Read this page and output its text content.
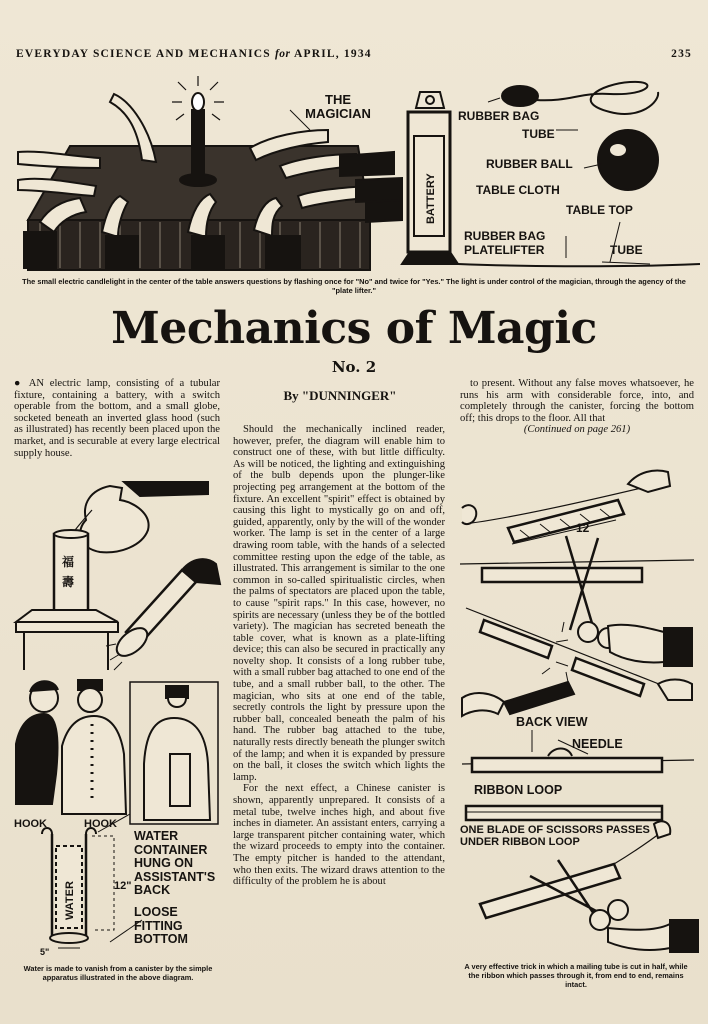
EVERYDAY SCIENCE AND MECHANICS for APRIL, 1934	235
THE
MAGICIAN	RUBBER BAG
TUBE
RUBBER BALL
TABLE CLOTH
TABLE TOP
RUBBER BAG
PLATELIFTER	TUBE
BATTERY
The small electric candlelight in the center of the table answers questions by flashing once for "No" and twice for "Yes." The light is under control of the magician, through the agency of the "plate lifter."
Mechanics of Magic
No. 2
By "DUNNINGER"

● AN electric lamp, consisting of a tubular fixture, containing a battery, with a switch operable from the bottom, and a small globe, socketed beneath an inverted glass hood (such as illustrated) has recently been placed upon the market, and is securable at every large electrical supply house.

Should the mechanically inclined reader, however, prefer, the diagram will enable him to construct one of these, with but little difficulty. As will be noticed, the lighting and extinguishing of the bulb depends upon the plunger-like projecting peg arrangement at the bottom of the fixture. An excellent "spirit" effect is obtained by causing this light to mystically go on and off, guided, apparently, only by the will of the wonder worker. The lamp is set in the center of a large drawing room table, with the hands of a selected committee resting upon the edge of the table, as illustrated. This arrangement is similar to the one common in so-called spiritualistic circles, when the palms of spectators are placed upon the table, to cause "spirit raps." In this case, however, no spirits are necessary (unless they be of the bottled variety). The magician has secreted beneath the table cover, what is known as a plate-lifting device; this can also be secured in practically any novelty shop. It consists of a long rubber tube, with a small rubber bag attached to one end of the tube, and a small rubber ball, to the other. The magician, who sits at one end of the table, secretly controls the light by pressure upon the rubber ball, concealed beneath the palm of his hand. The rubber bag attached to the tube, naturally rests directly beneath the plunger switch of the lamp; and when it is expanded by pressure on the ball, it closes the switch which lights the lamp.

For the next effect, a Chinese canister is shown, apparently unprepared. It consists of a metal tube, twelve inches high, and about five inches in diameter. An assistant enters, carrying a large transparent pitcher containing water, which the wizard proceeds to empty into the container. The empty pitcher is handed to the attendant, who then exits. The wizard draws attention to the difficulty of the problem he is about

to present. Without any false moves whatsoever, he runs his arm with considerable force, into, and completely through the canister, forcing the bottom off; this drops to the floor. All that

(Continued on page 261)
福
壽
WATER
5"
HOOK	HOOK
12"
WATER CONTAINER HUNG ON ASSISTANT'S BACK
LOOSE FITTING BOTTOM
Water is made to vanish from a canister by the simple apparatus illustrated in the above diagram.
12
BACK VIEW
NEEDLE
RIBBON LOOP
ONE BLADE OF SCISSORS PASSES UNDER RIBBON LOOP
A very effective trick in which a mailing tube is cut in half, while the ribbon which passes through it, from end to end, remains intact.
